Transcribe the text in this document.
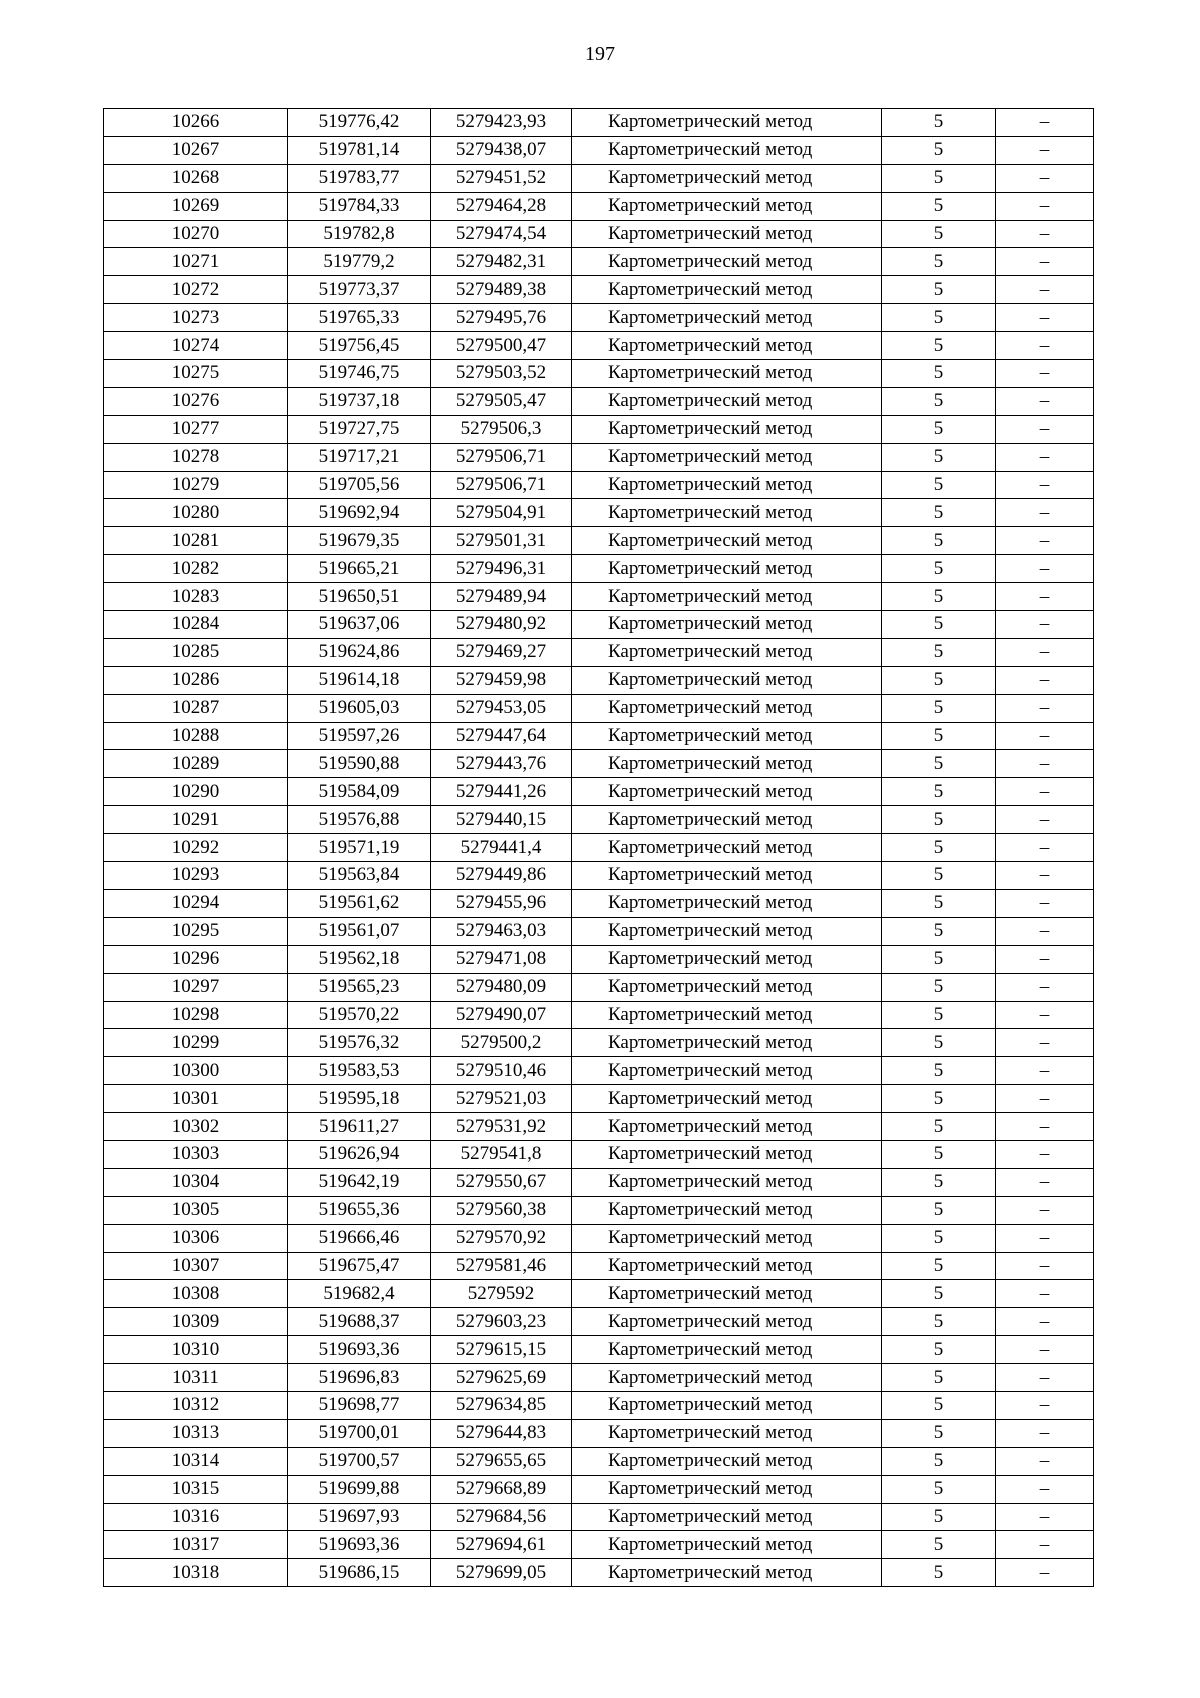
197
10266	519776,42	5279423,93	Картометрический метод	5	–
10267	519781,14	5279438,07	Картометрический метод	5	–
10268	519783,77	5279451,52	Картометрический метод	5	–
10269	519784,33	5279464,28	Картометрический метод	5	–
10270	519782,8	5279474,54	Картометрический метод	5	–
10271	519779,2	5279482,31	Картометрический метод	5	–
10272	519773,37	5279489,38	Картометрический метод	5	–
10273	519765,33	5279495,76	Картометрический метод	5	–
10274	519756,45	5279500,47	Картометрический метод	5	–
10275	519746,75	5279503,52	Картометрический метод	5	–
10276	519737,18	5279505,47	Картометрический метод	5	–
10277	519727,75	5279506,3	Картометрический метод	5	–
10278	519717,21	5279506,71	Картометрический метод	5	–
10279	519705,56	5279506,71	Картометрический метод	5	–
10280	519692,94	5279504,91	Картометрический метод	5	–
10281	519679,35	5279501,31	Картометрический метод	5	–
10282	519665,21	5279496,31	Картометрический метод	5	–
10283	519650,51	5279489,94	Картометрический метод	5	–
10284	519637,06	5279480,92	Картометрический метод	5	–
10285	519624,86	5279469,27	Картометрический метод	5	–
10286	519614,18	5279459,98	Картометрический метод	5	–
10287	519605,03	5279453,05	Картометрический метод	5	–
10288	519597,26	5279447,64	Картометрический метод	5	–
10289	519590,88	5279443,76	Картометрический метод	5	–
10290	519584,09	5279441,26	Картометрический метод	5	–
10291	519576,88	5279440,15	Картометрический метод	5	–
10292	519571,19	5279441,4	Картометрический метод	5	–
10293	519563,84	5279449,86	Картометрический метод	5	–
10294	519561,62	5279455,96	Картометрический метод	5	–
10295	519561,07	5279463,03	Картометрический метод	5	–
10296	519562,18	5279471,08	Картометрический метод	5	–
10297	519565,23	5279480,09	Картометрический метод	5	–
10298	519570,22	5279490,07	Картометрический метод	5	–
10299	519576,32	5279500,2	Картометрический метод	5	–
10300	519583,53	5279510,46	Картометрический метод	5	–
10301	519595,18	5279521,03	Картометрический метод	5	–
10302	519611,27	5279531,92	Картометрический метод	5	–
10303	519626,94	5279541,8	Картометрический метод	5	–
10304	519642,19	5279550,67	Картометрический метод	5	–
10305	519655,36	5279560,38	Картометрический метод	5	–
10306	519666,46	5279570,92	Картометрический метод	5	–
10307	519675,47	5279581,46	Картометрический метод	5	–
10308	519682,4	5279592	Картометрический метод	5	–
10309	519688,37	5279603,23	Картометрический метод	5	–
10310	519693,36	5279615,15	Картометрический метод	5	–
10311	519696,83	5279625,69	Картометрический метод	5	–
10312	519698,77	5279634,85	Картометрический метод	5	–
10313	519700,01	5279644,83	Картометрический метод	5	–
10314	519700,57	5279655,65	Картометрический метод	5	–
10315	519699,88	5279668,89	Картометрический метод	5	–
10316	519697,93	5279684,56	Картометрический метод	5	–
10317	519693,36	5279694,61	Картометрический метод	5	–
10318	519686,15	5279699,05	Картометрический метод	5	–
